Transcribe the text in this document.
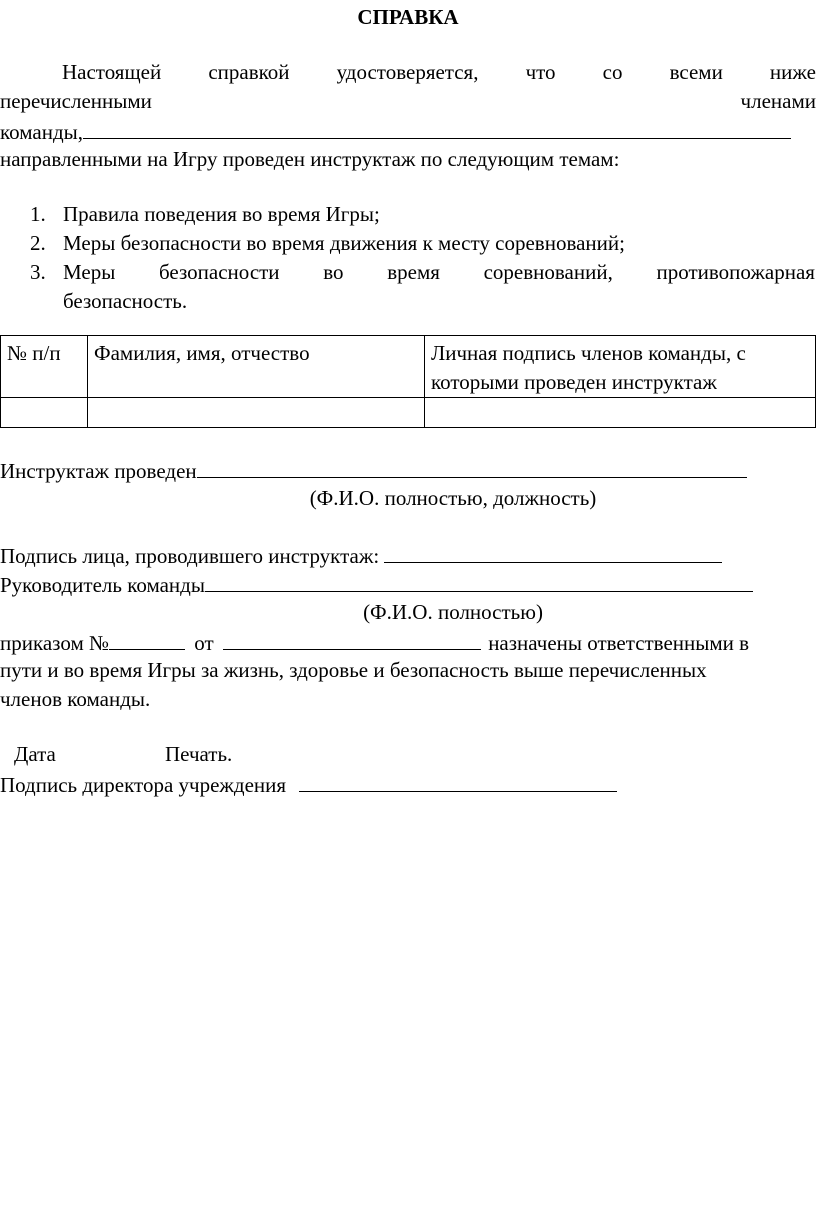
СПРАВКА
Настоящей справкой удостоверяется, что со всеми ниже
перечисленными	членами
команды,
направленными на Игру проведен инструктаж по следующим темам:
1. Правила поведения во время Игры;
2. Меры безопасности во время движения к месту соревнований;
3. Меры безопасности во время соревнований, противопожарная
безопасность.
№ п/п	Фамилия, имя, отчество	Личная подпись членов команды, с которыми проведен инструктаж

Инструктаж проведен
(Ф.И.О. полностью, должность)
Подпись лица, проводившего инструктаж:
Руководитель команды
(Ф.И.О. полностью)
приказом №	от	назначены ответственными в
пути и во время Игры за жизнь, здоровье и безопасность выше перечисленных
членов команды.
Дата	Печать.
Подпись директора учреждения
